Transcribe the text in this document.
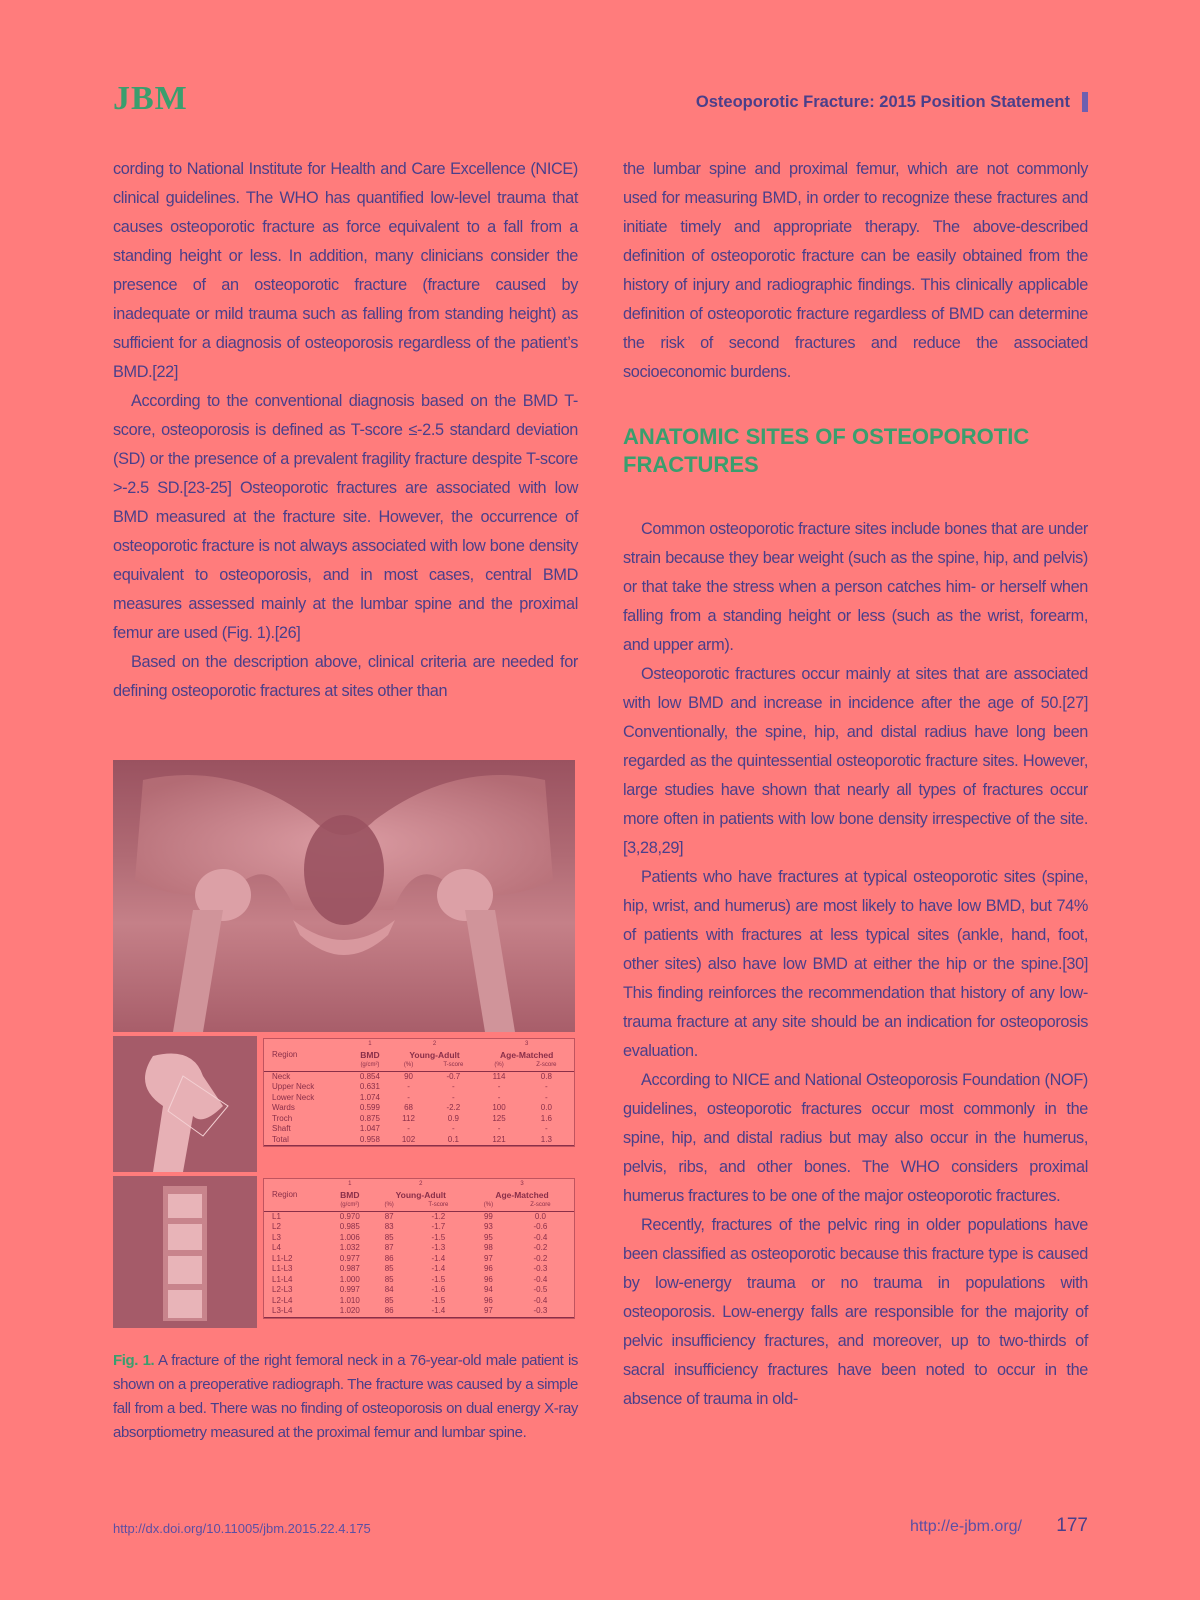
JBM	Osteoporotic Fracture: 2015 Position Statement

cording to National Institute for Health and Care Excellence (NICE) clinical guidelines. The WHO has quantified low-level trauma that causes osteoporotic fracture as force equivalent to a fall from a standing height or less. In addition, many clinicians consider the presence of an osteoporotic fracture (fracture caused by inadequate or mild trauma such as falling from standing height) as sufficient for a diagnosis of osteoporosis regardless of the patient’s BMD.[22]

According to the conventional diagnosis based on the BMD T-score, osteoporosis is defined as T-score ≤-2.5 standard deviation (SD) or the presence of a prevalent fragility fracture despite T-score >-2.5 SD.[23-25] Osteoporotic fractures are associated with low BMD measured at the fracture site. However, the occurrence of osteoporotic fracture is not always associated with low bone density equivalent to osteoporosis, and in most cases, central BMD measures assessed mainly at the lumbar spine and the proximal femur are used (Fig. 1).[26]

Based on the description above, clinical criteria are needed for defining osteoporotic fractures at sites other than

the lumbar spine and proximal femur, which are not commonly used for measuring BMD, in order to recognize these fractures and initiate timely and appropriate therapy. The above-described definition of osteoporotic fracture can be easily obtained from the history of injury and radiographic findings. This clinically applicable definition of osteoporotic fracture regardless of BMD can determine the risk of second fractures and reduce the associated socioeconomic burdens.

ANATOMIC SITES OF OSTEOPOROTIC FRACTURES

Common osteoporotic fracture sites include bones that are under strain because they bear weight (such as the spine, hip, and pelvis) or that take the stress when a person catches him- or herself when falling from a standing height or less (such as the wrist, forearm, and upper arm).

Osteoporotic fractures occur mainly at sites that are associated with low BMD and increase in incidence after the age of 50.[27] Conventionally, the spine, hip, and distal radius have long been regarded as the quintessential osteoporotic fracture sites. However, large studies have shown that nearly all types of fractures occur more often in patients with low bone density irrespective of the site.[3,28,29]

Patients who have fractures at typical osteoporotic sites (spine, hip, wrist, and humerus) are most likely to have low BMD, but 74% of patients with fractures at less typical sites (ankle, hand, foot, other sites) also have low BMD at either the hip or the spine.[30] This finding reinforces the recommendation that history of any low-trauma fracture at any site should be an indication for osteoporosis evaluation.

According to NICE and National Osteoporosis Foundation (NOF) guidelines, osteoporotic fractures occur most commonly in the spine, hip, and distal radius but may also occur in the humerus, pelvis, ribs, and other bones. The WHO considers proximal humerus fractures to be one of the major osteoporotic fractures.

Recently, fractures of the pelvic ring in older populations have been classified as osteoporotic because this fracture type is caused by low-energy trauma or no trauma in populations with osteoporosis. Low-energy falls are responsible for the majority of pelvic insufficiency fractures, and moreover, up to two-thirds of sacral insufficiency fractures have been noted to occur in the absence of trauma in old-

	1	2		3	
Region	BMD	Young-Adult		Age-Matched	
	(g/cm²)	(%)	T-score	(%)	Z-score
Neck	0.854	90	-0.7	114	0.8
Upper Neck	0.631	-	-	-	-
Lower Neck	1.074	-	-	-	-
Wards	0.599	68	-2.2	100	0.0
Troch	0.875	112	0.9	125	1.6
Shaft	1.047	-	-	-	-
Total	0.958	102	0.1	121	1.3
	1	2		3	
Region	BMD	Young-Adult		Age-Matched	
	(g/cm²)	(%)	T-score	(%)	Z-score
L1	0.970	87	-1.2	99	0.0
L2	0.985	83	-1.7	93	-0.6
L3	1.006	85	-1.5	95	-0.4
L4	1.032	87	-1.3	98	-0.2
L1-L2	0.977	86	-1.4	97	-0.2
L1-L3	0.987	85	-1.4	96	-0.3
L1-L4	1.000	85	-1.5	96	-0.4
L2-L3	0.997	84	-1.6	94	-0.5
L2-L4	1.010	85	-1.5	96	-0.4
L3-L4	1.020	86	-1.4	97	-0.3
Fig. 1. A fracture of the right femoral neck in a 76-year-old male patient is shown on a preoperative radiograph. The fracture was caused by a simple fall from a bed. There was no finding of osteoporosis on dual energy X-ray absorptiometry measured at the proximal femur and lumbar spine.
http://dx.doi.org/10.11005/jbm.2015.22.4.175	http://e-jbm.org/ 177
